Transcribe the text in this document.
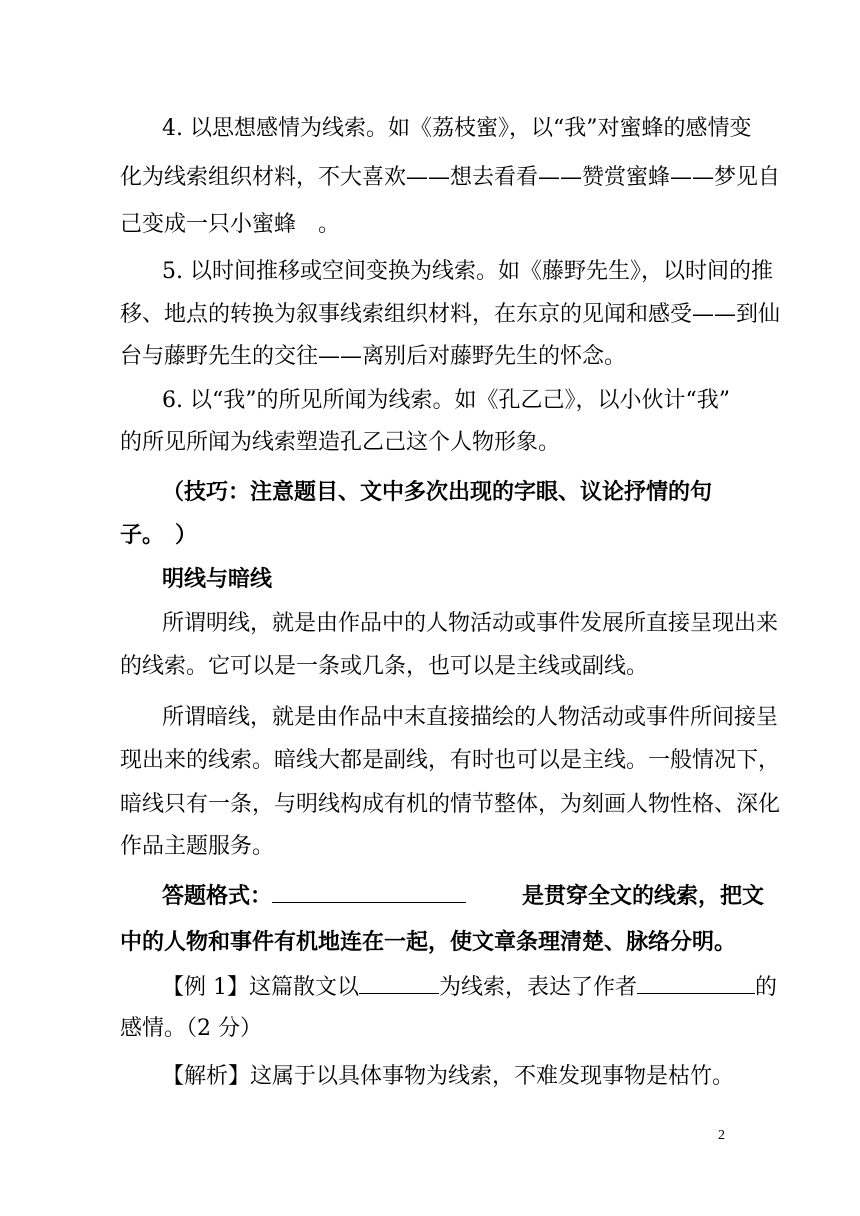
4. 以思想感情为线索。如《荔枝蜜》，以“我”对蜜蜂的感情变
化为线索组织材料，不大喜欢——想去看看——赞赏蜜蜂——梦见自
己变成一只小蜜蜂　。
5. 以时间推移或空间变换为线索。如《藤野先生》，以时间的推
移、地点的转换为叙事线索组织材料，在东京的见闻和感受——到仙
台与藤野先生的交往——离别后对藤野先生的怀念。
6. 以“我”的所见所闻为线索。如《孔乙己》，以小伙计“我”
的所见所闻为线索塑造孔乙己这个人物形象。
（技巧：注意题目、文中多次出现的字眼、议论抒情的句
子。　）
明线与暗线
所谓明线，就是由作品中的人物活动或事件发展所直接呈现出来
的线索。它可以是一条或几条，也可以是主线或副线。
所谓暗线，就是由作品中末直接描绘的人物活动或事件所间接呈
现出来的线索。暗线大都是副线，有时也可以是主线。一般情况下，
暗线只有一条，与明线构成有机的情节整体，为刻画人物性格、深化
作品主题服务。
答题格式：	是贯穿全文的线索，把文
中的人物和事件有机地连在一起，使文章条理清楚、脉络分明。
【例 1】这篇散文以	为线索，表达了作者	的
感情。（2 分）
【解析】这属于以具体事物为线索，不难发现事物是枯竹。
2
